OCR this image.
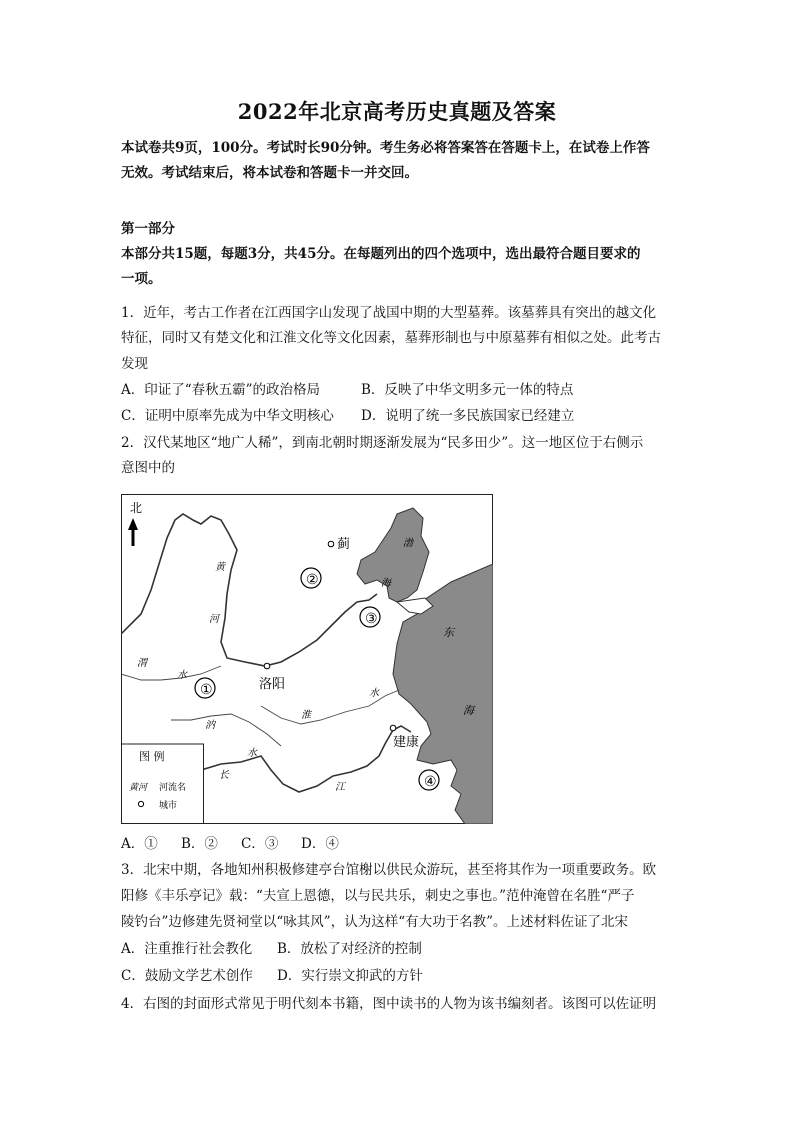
2022年北京高考历史真题及答案
本试卷共9页，100分。考试时长90分钟。考生务必将答案答在答题卡上，在试卷上作答
无效。考试结束后，将本试卷和答题卡一并交回。
第一部分
本部分共15题，每题3分，共45分。在每题列出的四个选项中，选出最符合题目要求的
一项。
1．近年，考古工作者在江西国字山发现了战国中期的大型墓葬。该墓葬具有突出的越文化
特征，同时又有楚文化和江淮文化等文化因素，墓葬形制也与中原墓葬有相似之处。此考古
发现
A．印证了“春秋五霸”的政治格局	B．反映了中华文明多元一体的特点
C．证明中原率先成为中华文明核心 D．说明了统一多民族国家已经建立
2．汉代某地区“地广人稀”，到南北朝时期逐渐发展为“民多田少”。这一地区位于右侧示
意图中的
北
蓟
洛阳
建康
渤
海
东
海
黄
河
渭
水
淮
水
汭
水
长
江
①
②
③
④
图 例
黄河 河流名
城市
A．① B．② C．③ D．④
3．北宋中期，各地知州积极修建亭台馆榭以供民众游玩，甚至将其作为一项重要政务。欧
阳修《丰乐亭记》载：“夫宣上恩德，以与民共乐，刺史之事也。”范仲淹曾在名胜“严子
陵钓台”边修建先贤祠堂以“咏其风”，认为这样“有大功于名教”。上述材料佐证了北宋
A．注重推行社会教化 B．放松了对经济的控制
C．鼓励文学艺术创作 D．实行崇文抑武的方针
4．右图的封面形式常见于明代刻本书籍，图中读书的人物为该书编刻者。该图可以佐证明
